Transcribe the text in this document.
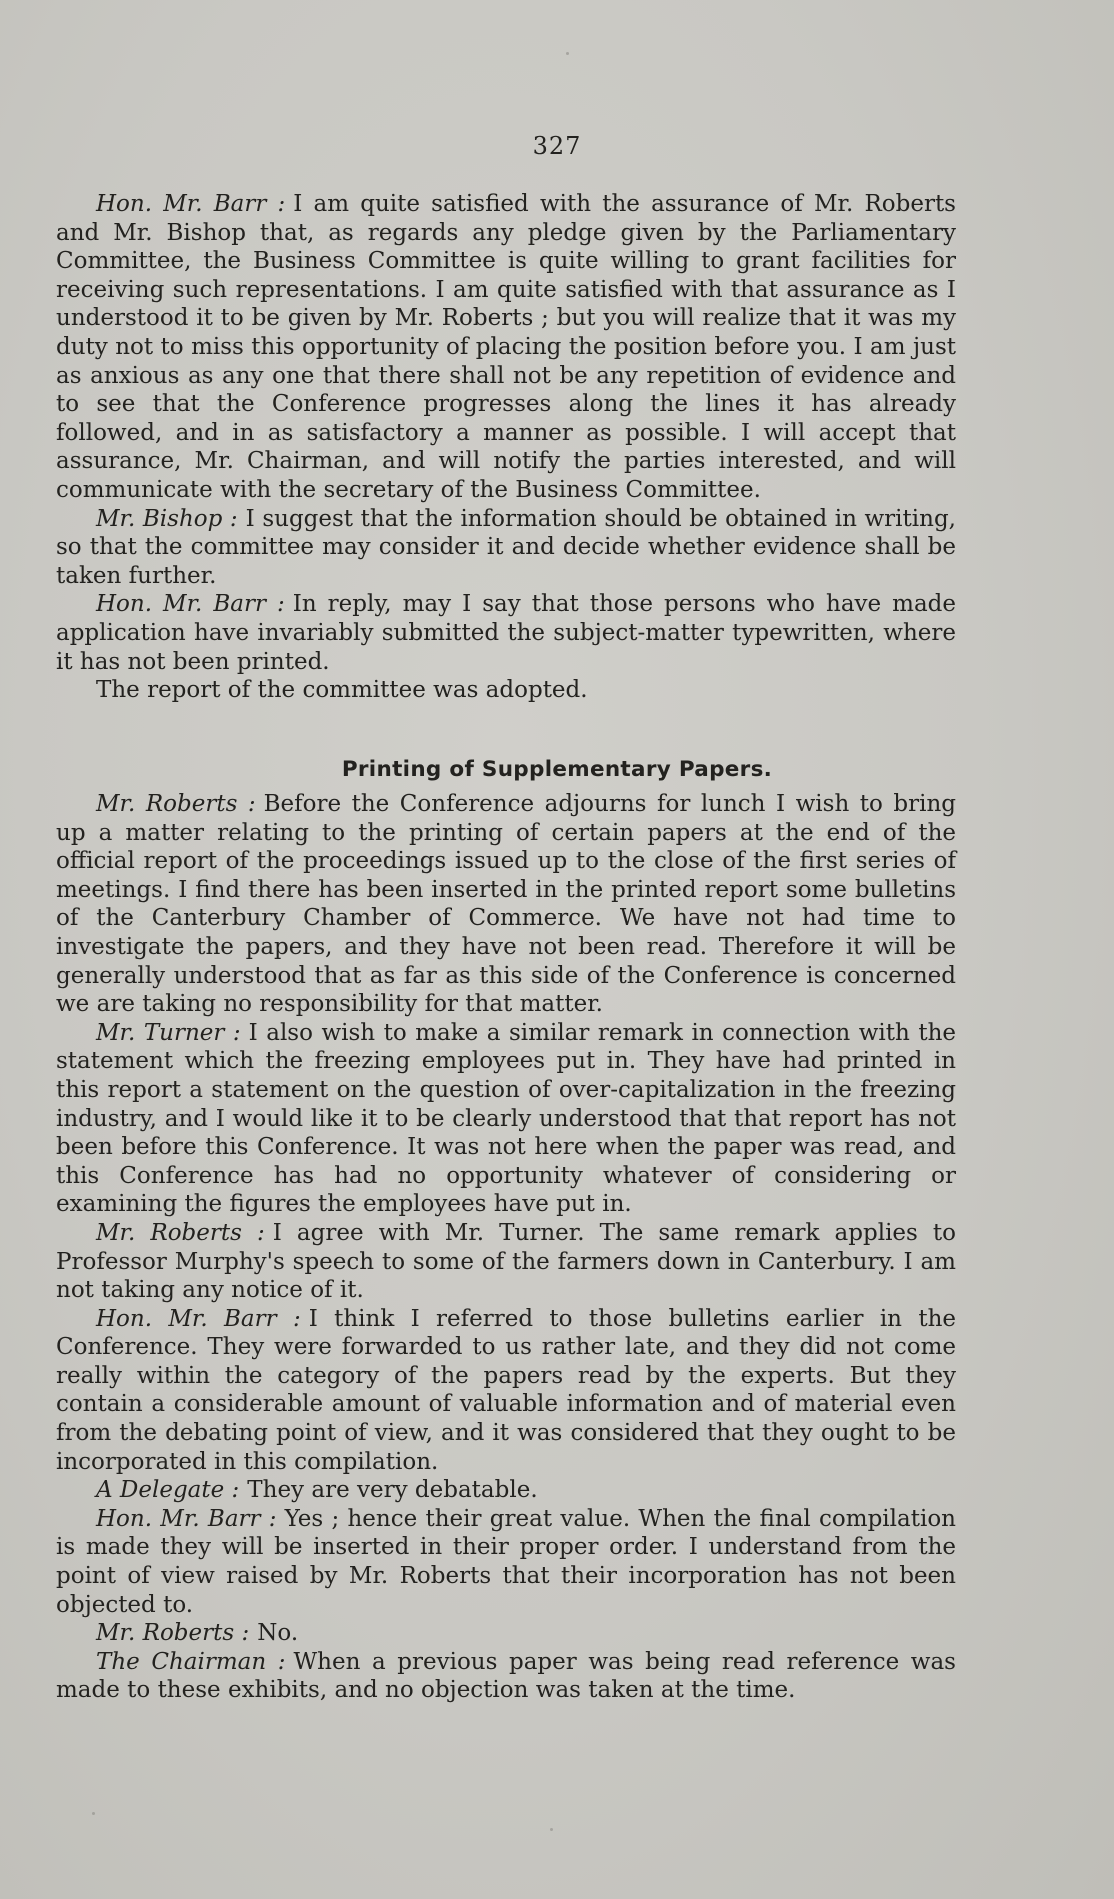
327

Hon. Mr. Barr : I am quite satisfied with the assurance of Mr. Roberts and Mr. Bishop that, as regards any pledge given by the Parliamentary Committee, the Business Committee is quite willing to grant facilities for receiving such representations. I am quite satisfied with that assurance as I understood it to be given by Mr. Roberts ; but you will realize that it was my duty not to miss this opportunity of placing the position before you. I am just as anxious as any one that there shall not be any repetition of evidence and to see that the Conference progresses along the lines it has already followed, and in as satisfactory a manner as possible. I will accept that assurance, Mr. Chairman, and will notify the parties interested, and will communicate with the secretary of the Business Committee.

Mr. Bishop : I suggest that the information should be obtained in writing, so that the committee may consider it and decide whether evidence shall be taken further.

Hon. Mr. Barr : In reply, may I say that those persons who have made application have invariably submitted the subject-matter typewritten, where it has not been printed.

The report of the committee was adopted.

Printing of Supplementary Papers.

Mr. Roberts : Before the Conference adjourns for lunch I wish to bring up a matter relating to the printing of certain papers at the end of the official report of the proceedings issued up to the close of the first series of meetings. I find there has been inserted in the printed report some bulletins of the Canterbury Chamber of Commerce. We have not had time to investigate the papers, and they have not been read. Therefore it will be generally understood that as far as this side of the Conference is concerned we are taking no responsibility for that matter.

Mr. Turner : I also wish to make a similar remark in connection with the statement which the freezing employees put in. They have had printed in this report a statement on the question of over-capitalization in the freezing industry, and I would like it to be clearly understood that that report has not been before this Conference. It was not here when the paper was read, and this Conference has had no opportunity whatever of considering or examining the figures the employees have put in.

Mr. Roberts : I agree with Mr. Turner. The same remark applies to Professor Murphy's speech to some of the farmers down in Canterbury. I am not taking any notice of it.

Hon. Mr. Barr : I think I referred to those bulletins earlier in the Conference. They were forwarded to us rather late, and they did not come really within the category of the papers read by the experts. But they contain a considerable amount of valuable information and of material even from the debating point of view, and it was considered that they ought to be incorporated in this compilation.

A Delegate : They are very debatable.

Hon. Mr. Barr : Yes ; hence their great value. When the final compilation is made they will be inserted in their proper order. I understand from the point of view raised by Mr. Roberts that their incorporation has not been objected to.

Mr. Roberts : No.

The Chairman : When a previous paper was being read reference was made to these exhibits, and no objection was taken at the time.
